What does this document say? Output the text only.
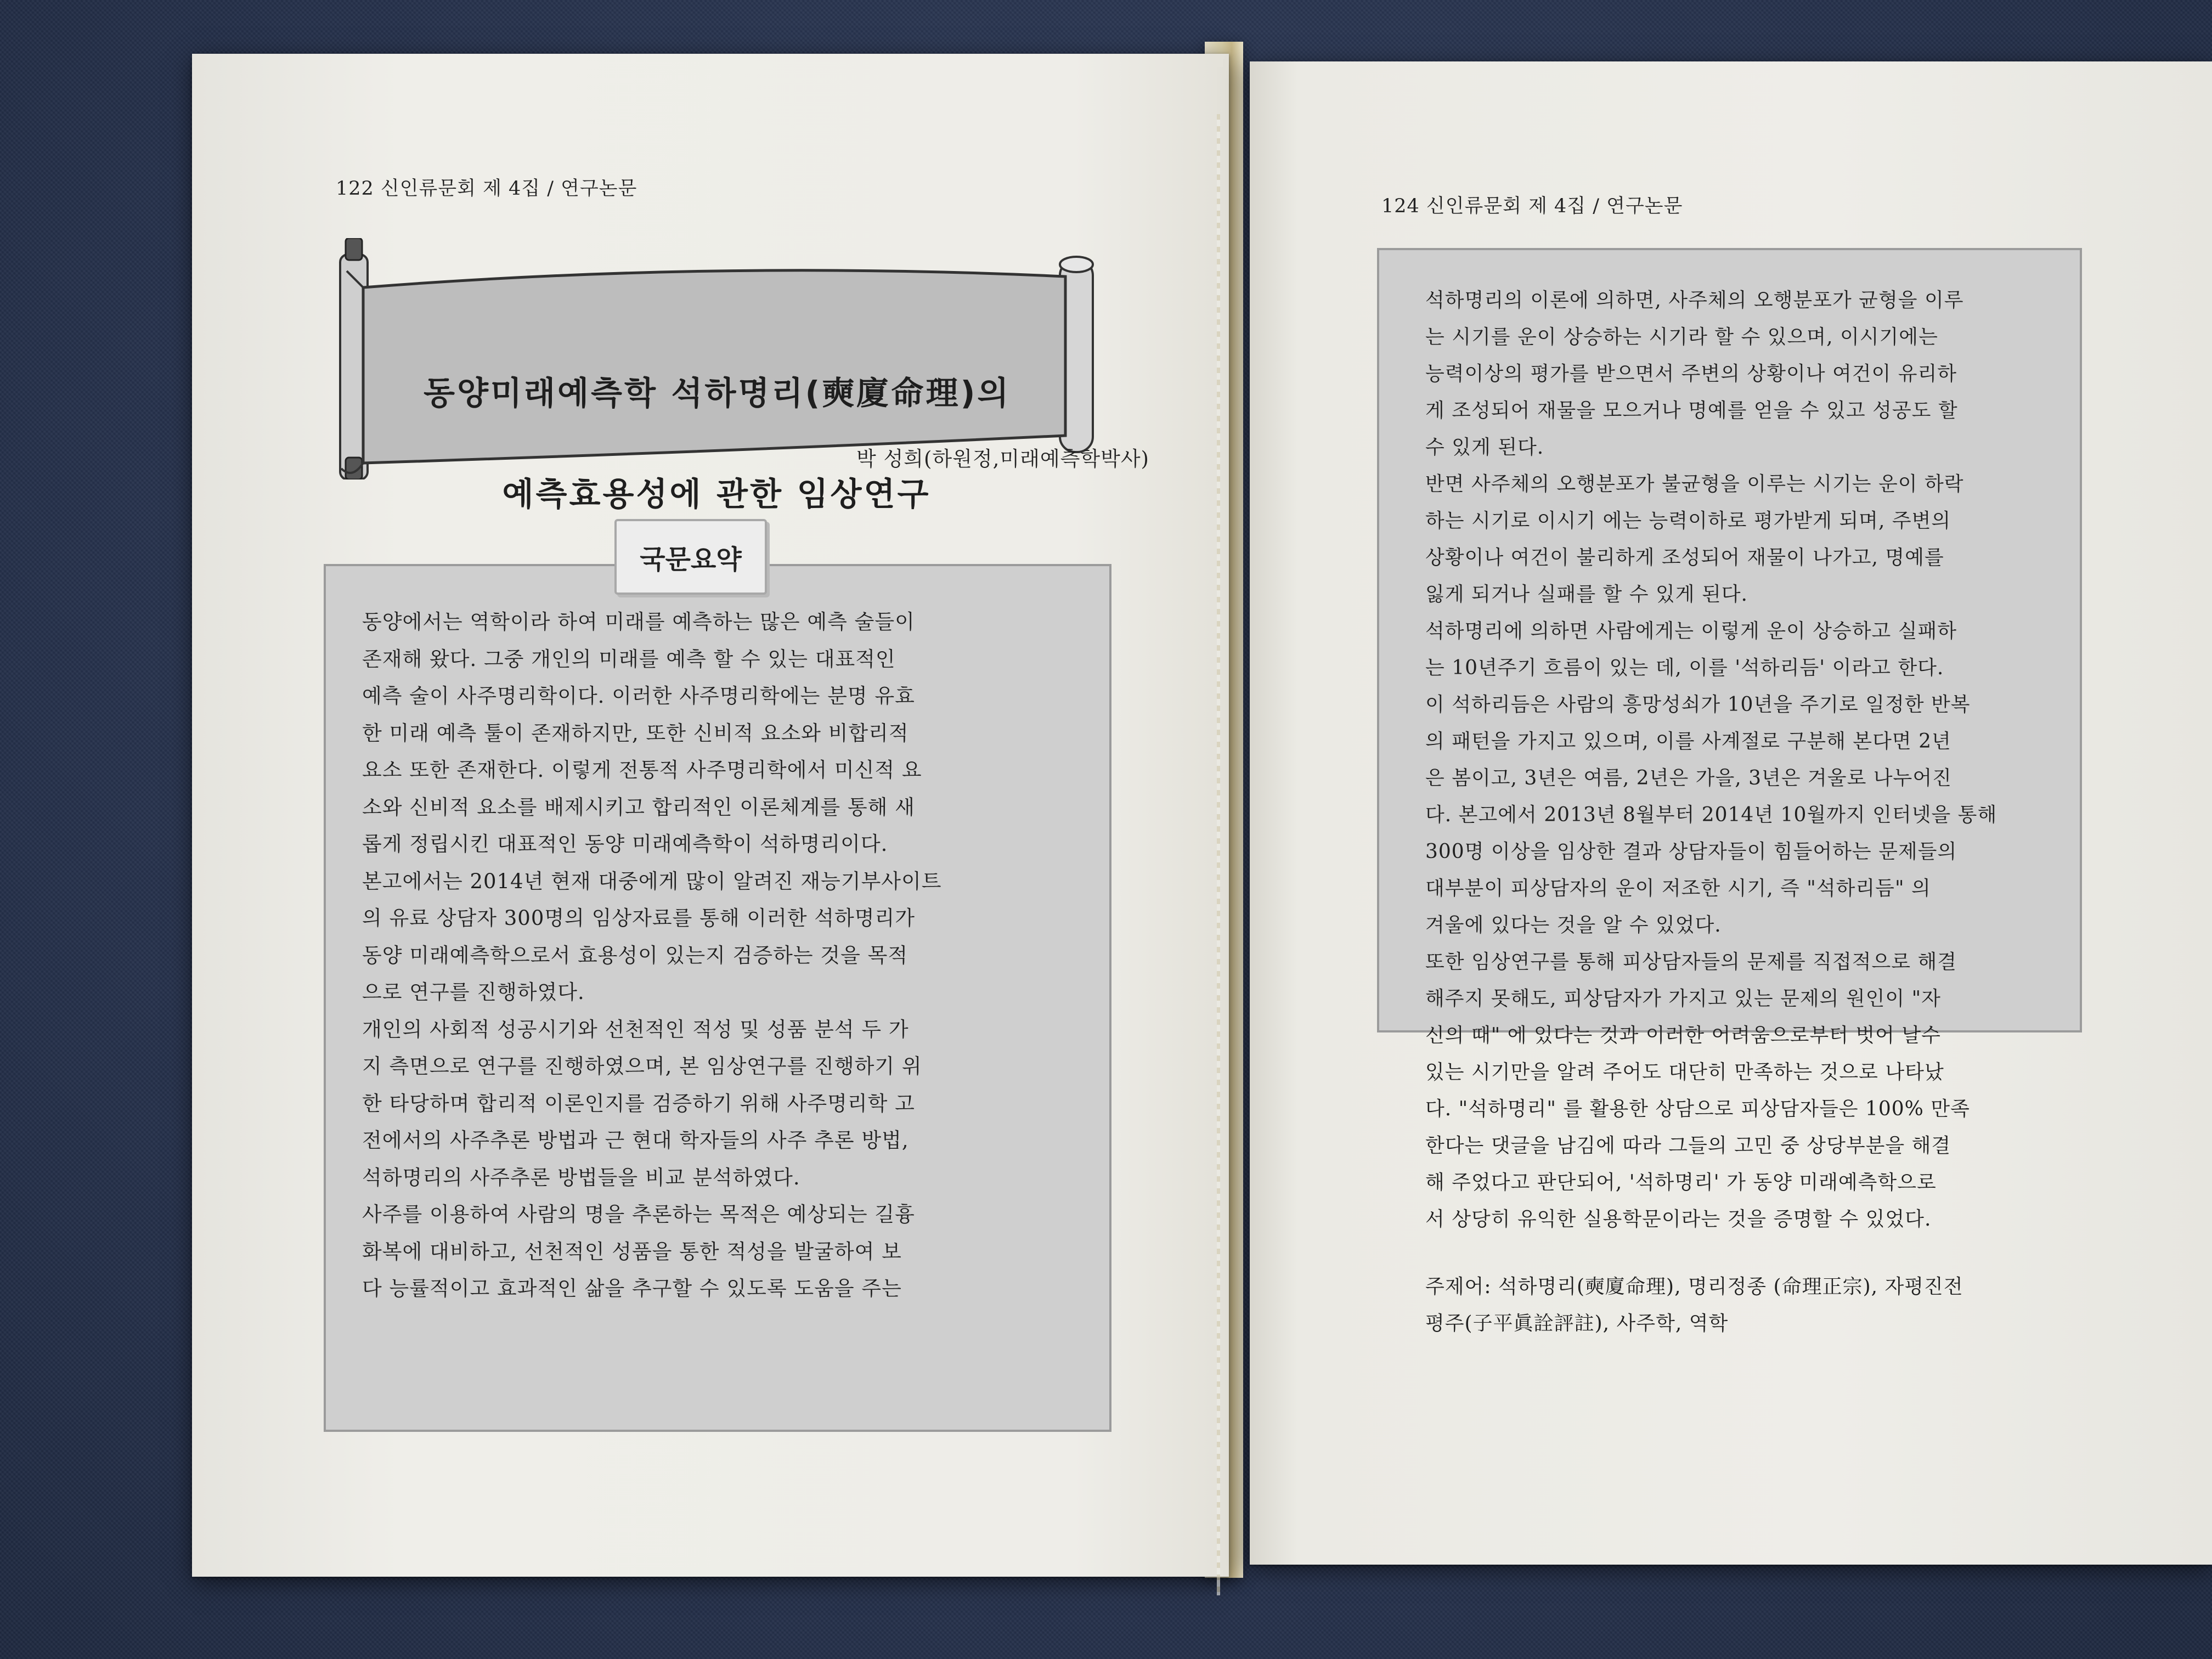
122 신인류문회 제 4집 / 연구논문

동양미래예측학 석하명리(奭廈命理)의

예측효용성에 관한 임상연구

박 성희(하원정,미래예측학박사)
국문요약
동양에서는 역학이라 하여 미래를 예측하는 많은 예측 술들이
존재해 왔다. 그중 개인의 미래를 예측 할 수 있는 대표적인
예측 술이 사주명리학이다. 이러한 사주명리학에는 분명 유효
한 미래 예측 툴이 존재하지만, 또한 신비적 요소와 비합리적
요소 또한 존재한다. 이렇게 전통적 사주명리학에서 미신적 요
소와 신비적 요소를 배제시키고 합리적인 이론체계를 통해 새
롭게 정립시킨 대표적인 동양 미래예측학이 석하명리이다.
본고에서는 2014년 현재 대중에게 많이 알려진 재능기부사이트
의 유료 상담자 300명의 임상자료를 통해 이러한 석하명리가
동양 미래예측학으로서 효용성이 있는지 검증하는 것을 목적
으로 연구를 진행하였다.
개인의 사회적 성공시기와 선천적인 적성 및 성품 분석 두 가
지 측면으로 연구를 진행하였으며, 본 임상연구를 진행하기 위
한 타당하며 합리적 이론인지를 검증하기 위해 사주명리학 고
전에서의 사주추론 방법과 근 현대 학자들의 사주 추론 방법,
석하명리의 사주추론 방법들을 비교 분석하였다.
사주를 이용하여 사람의 명을 추론하는 목적은 예상되는 길흉
화복에 대비하고, 선천적인 성품을 통한 적성을 발굴하여 보
다 능률적이고 효과적인 삶을 추구할 수 있도록 도움을 주는
124 신인류문회 제 4집 / 연구논문
석하명리의 이론에 의하면, 사주체의 오행분포가 균형을 이루
는 시기를 운이 상승하는 시기라 할 수 있으며, 이시기에는
능력이상의 평가를 받으면서 주변의 상황이나 여건이 유리하
게 조성되어 재물을 모으거나 명예를 얻을 수 있고 성공도 할
수 있게 된다.
반면 사주체의 오행분포가 불균형을 이루는 시기는 운이 하락
하는 시기로 이시기 에는 능력이하로 평가받게 되며, 주변의
상황이나 여건이 불리하게 조성되어 재물이 나가고, 명예를
잃게 되거나 실패를 할 수 있게 된다.
석하명리에 의하면 사람에게는 이렇게 운이 상승하고 실패하
는 10년주기 흐름이 있는 데, 이를 '석하리듬' 이라고 한다.
이 석하리듬은 사람의 흥망성쇠가 10년을 주기로 일정한 반복
의 패턴을 가지고 있으며, 이를 사계절로 구분해 본다면 2년
은 봄이고, 3년은 여름, 2년은 가을, 3년은 겨울로 나누어진
다. 본고에서 2013년 8월부터 2014년 10월까지 인터넷을 통해
300명 이상을 임상한 결과 상담자들이 힘들어하는 문제들의
대부분이 피상담자의 운이 저조한 시기, 즉 "석하리듬" 의
겨울에 있다는 것을 알 수 있었다.
또한 임상연구를 통해 피상담자들의 문제를 직접적으로 해결
해주지 못해도, 피상담자가 가지고 있는 문제의 원인이 "자
신의 때" 에 있다는 것과 이러한 어려움으로부터 벗어 날수
있는 시기만을 알려 주어도 대단히 만족하는 것으로 나타났
다. "석하명리" 를 활용한 상담으로 피상담자들은 100% 만족
한다는 댓글을 남김에 따라 그들의 고민 중 상당부분을 해결
해 주었다고 판단되어, '석하명리' 가 동양 미래예측학으로
서 상당히 유익한 실용학문이라는 것을 증명할 수 있었다.
주제어: 석하명리(奭廈命理), 명리정종 (命理正宗), 자평진전
평주(子平眞詮評註), 사주학, 역학
